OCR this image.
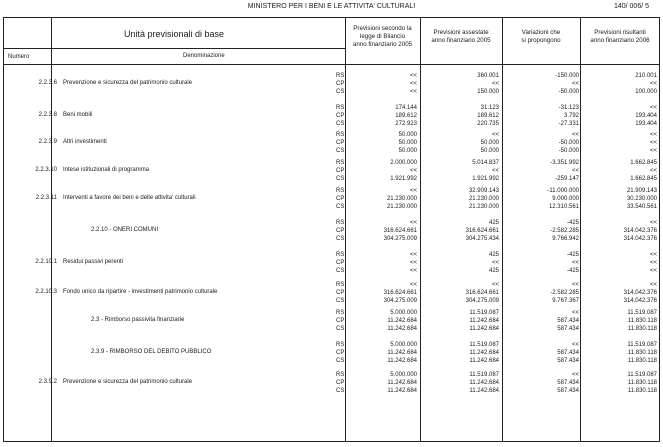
MINISTERO PER I BENI E LE ATTIVITA' CULTURALI	140/ 006/ 5
Unità previsionali di base
Numero	Denominazione
Previsioni secondo la
legge di Bilancio
anno finanziario 2005
Previsioni assestate
anno finanziario 2005
Variazioni che
si propongono
Previsioni risultanti
anno finanziario 2006
2.2.3.6 Prevenzione e sicurezza del patrimonio culturale
RS
CP
CS
<<
<<
<<
360.001
<<
150.000
-150.000
<<
-50.000
210.001
<<
100.000
2.2.3.8 Beni mobili
RS
CP
CS
174.144
189.612
272.923
31.123
189.612
220.735
-31.123
3.792
-27.331
<<
193.404
193.404
2.2.3.9 Altri investimenti
RS
CP
CS
50.000
50.000
50.000
<<
50.000
50.000
<<
-50.000
-50.000
<<
<<
<<
2.2.3.10 Intese istituzionali di programma
RS
CP
CS
2.000.000
<<
1.921.992
5.014.837
<<
1.921.992
-3.351.992
<<
-259.147
1.662.845
<<
1.662.845
2.2.3.11 Interventi a favore dei beni e delle attivita' culturali
RS
CP
CS
<<
21.230.000
21.230.000
32.909.143
21.230.000
21.230.000
-11.000.000
9.000.000
12.310.561
21.909.143
30.230.000
33.540.561
2.2.10 - ONERI COMUNI
RS
CP
CS
<<
316.624.661
304.275.009
425
316.624.661
304.275.434
-425
-2.582.285
9.766.942
<<
314.042.376
314.042.376
2.2.10.1 Residui passivi perenti
RS
CP
CS
<<
<<
<<
425
<<
425
-425
<<
-425
<<
<<
<<
2.2.10.3 Fondo unico da ripartire - investimenti patrimonio culturale
RS
CP
CS
<<
316.624.661
304.275.009
<<
316.624.661
304.275.009
<<
-2.582.285
9.767.367
<<
314.042.376
314.042.376
2.3 - Rimborso passivita finanziarie
RS
CP
CS
5.000.000
11.242.684
11.242.684
11.519.087
11.242.684
11.242.684
<<
587.434
587.434
11.519.087
11.830.118
11.830.118
2.3.9 - RIMBORSO DEL DEBITO PUBBLICO
RS
CP
CS
5.000.000
11.242.684
11.242.684
11.519.087
11.242.684
11.242.684
<<
587.434
587.434
11.519.087
11.830.118
11.830.118
2.3.9.2 Prevenzione e sicurezza del patrimonio culturale
RS
CP
CS
5.000.000
11.242.684
11.242.684
11.519.087
11.242.684
11.242.684
<<
587.434
587.434
11.519.087
11.830.118
11.830.118
